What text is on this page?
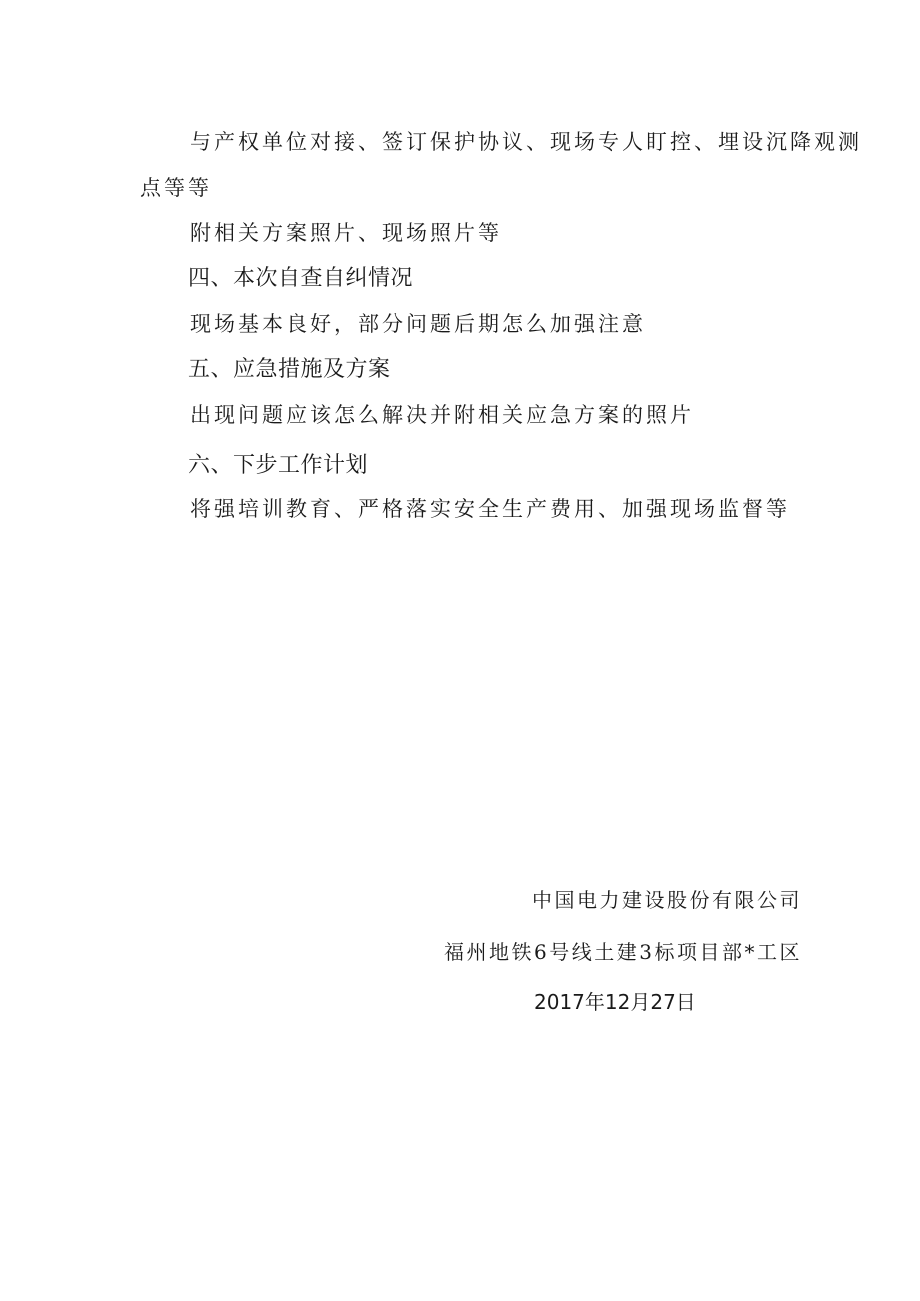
与产权单位对接、签订保护协议、现场专人盯控、埋设沉降观测

点等等

附相关方案照片、现场照片等

四、本次自查自纠情况

现场基本良好，部分问题后期怎么加强注意

五、应急措施及方案

出现问题应该怎么解决并附相关应急方案的照片

六、下步工作计划

将强培训教育、严格落实安全生产费用、加强现场监督等

中国电力建设股份有限公司

福州地铁6号线土建3标项目部*工区

2017年12月27日
